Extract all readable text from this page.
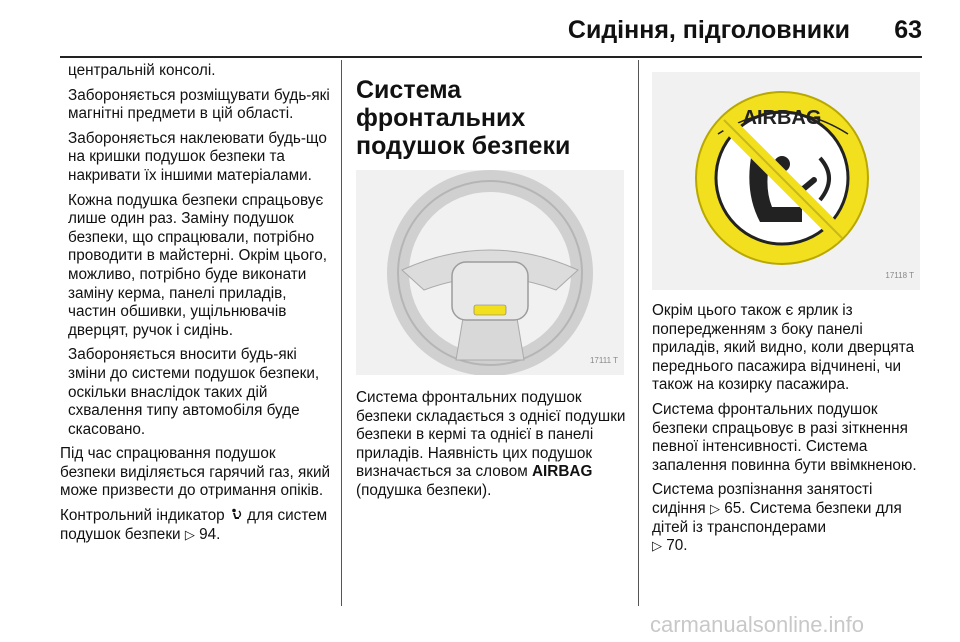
Сидіння, підголовники 63

центральній консолі.

Забороняється розміщувати будь-які магнітні предмети в цій області.

Забороняється наклеювати будь-що на кришки подушок безпеки та накривати їх іншими матеріалами.

Кожна подушка безпеки спрацьовує лише один раз. Заміну подушок безпеки, що спрацювали, потрібно проводити в майстерні. Окрім цього, можливо, потрібно буде виконати заміну керма, панелі приладів, частин обшивки, ущільнювачів дверцят, ручок і сидінь.

Забороняється вносити будь-які зміни до системи подушок безпеки, оскільки внаслідок таких дій схвалення типу автомобіля буде скасовано.

Під час спрацювання подушок безпеки виділяється гарячий газ, який може призвести до отримання опіків.

Контрольний індикатор для систем подушок безпеки ▷ 94.

Система фронтальних подушок безпеки
17111 T

Система фронтальних подушок безпеки складається з однієї подушки безпеки в кермі та однієї в панелі приладів. Наявність цих подушок визначається за словом AIRBAG (подушка безпеки).

AIRBAG
17118 T

Окрім цього також є ярлик із попередженням з боку панелі приладів, який видно, коли дверцята переднього пасажира відчинені, чи також на козирку пасажира.

Система фронтальних подушок безпеки спрацьовує в разі зіткнення певної інтенсивності. Система запалення повинна бути ввімкненою.

Система розпізнання занятості сидіння ▷ 65. Система безпеки для дітей із транспондерами
▷ 70.

carmanualsonline.info
